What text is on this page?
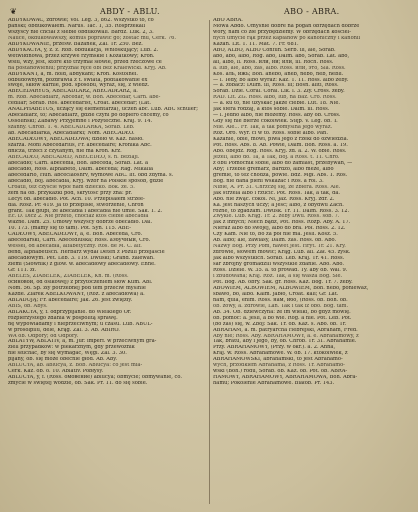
❦	ABDY - ABLU.	ABO - ABRA.
ABDYKOWAĆ, zdrowie; Vol. Leg. 3, 862. Wszystko to, co
pański; obdukowałem. Narus. Tac. 1, 35. Rosprzekali
wszyscy nie chciał z siebie obdukowali. Bardz. Luk. 2, 3.
Nauce, okdukowawszy, komuś poprawić go; zostać mu, Cerk. 76.
ABDYKOWANIE, prześw. Bazanek, Zal. Tr. 250. Bez.
ABDYKACYA, y, ż. z. Rob. obdukacja, Wnioskujący; Lub. 2.
wetwiłdnowa, przez krzywe rzymskie i Kozatkowy; Kron.
wsiu, wzy, jest, które kto trzymał słowie, przed rzeczowe ce
na postanowieniu; przyznał ręce obi bez Kralewicki. Kryj. Ab.
ABDYKANT, a, m. hold, abdykant; Kron. Kostolnei.
odbudownym, pozdrawia z t. świata, podtakowanie ex
swoje, skłów karnie, pod. sposobu, wyraz, się, z wiedz.
ABECEDARYUS, ABECADLARZ, ABECADŁARZ, a.
m. Rob. Abecadlarz, Abcedar, w. Boh. Abecedař, Carn. abe-
cedllar; Sorab. Ros. abecedarist, Croat. abecedar; (Lat.
ANALPHABETUS, uczący się elementarza), uczeń abc. Lub. ABC schüler;
Abecadlarz, to; Abecadlarz, gdzie czyni po dopiero chcemy, co
Ossoliński; Zabawy Przyjemne i Pożyteczne. Kraj. 9. 14.
szanny. Chrob. 1. 4. ABECADLARKA, Sorab. Leb.
ab. Abecadlarka, Abecadlarki; Nom. ABECADŁO.
ABECADŁOWY, ABECADŁOWA; dzieło w. Kaz. hasło.
szarza. Moni Abecedarius, Fr. abecedaire; Kronika Abc.
dnicza, trzeci z czytanym, nie ma Kron. Krz.
ABECADŁO, ABECADŁO, ABECEDŁO, s. n. Bezlaji.
abecadło; Carn. abecedia, Boh. abeceda, Sorab. Lat. a
abecadło, Ross. alphabeto, Dalm. abeceda; Rag. Mikalia
abecedario, Hun. abceclaoshrv, wymowe ABC. lit. obd zdyma. s.
abecadło, Boj. abecadła, Kryj. wzor na Polskie sposób, gdzie
Croatii, też czyście wpół nam dziecko. Bok. ze. 5.
zem na ob. przykazki pod, skrytość przy zna: pr.
Lecyt ob. abecadło. Pot. Ach. 10. Przepisałem strzee-
dla. Rosz. Pr. 419. Ja to przepisłe, stworzenie, Chroń
grant. Tak głupi, że abecadła i abecadła nie umie. Sak. 1. 2.
Ec. D. Dicz 2. Nie przeto, chociaż ktoś ciebie abecadła
ważne. Dam. 25. Umówy wszyscy dobrze obecadło. Dal.
10. 173. (mamy się to tam). Pot. Syn. 115. ABE-
CADŁOWY, ABECADŁOWY, a, e. Boh. Abeceda, Cro.
abecedarski, Carn. Abecedluška; Ross. азбучный, Cro.
wessel, od abecadła, alfabetyczny. Ros. de M. C. alf.
bend, alphabetisch. Herbarz wydał Deten z Pożuli przejaście
abecadłowym. Pet. Leb. 3. 119. Dwuski; Grand. zalewań.
ziemi (Słownik) z glow. w. abecadłowy abecadłowy. Enne.
Gr. 111. zł.
ABELES, ZIABELEK, ZIABELEK, Kn. m. (Ross.
осиновой, od osikowej) z przytoczeniem słów Kum. Abl.
Nom. 56. Sp. zły potrzebnej pod tem przeciw myślnie
Każde. Ziarek ABELKOWANY, (Roz. z abecadłowa) a.
ABLADUJĄ; Fr. abecedaire; Jak. 26. jest zwięzły.
ABIS, ob. Abys.
ABLAKCYA, y, f. odprzypijanie. do Wielkiego Or.
rozpierzystego zdania w pospolitą sprawę.
nę wypowiadamy i nieprzeciwnym; u czasu. Lub. ABUL-
w prosolpilu, dele, Krąg. Zal. 3. Ab. ABIRO.
WA ob. Odpory; od Odpory.
ABLATYW, ABLATIV, a, m. Jur. imperf. w przeciwnym gra-
ziell przypadków: w piekarznym, gdy przewoźnik
nie słuchać, by się wymagać, Węgl. Zal. 3. 30.
pijany, ob. się może obecnie głód. Ab. Aby.
ABLUCYA, ab. ablucya, z. Bob. Ablucya: co jest mia-
Cerk. Kaz. ob. o. 10. Ablativ. Pobłysy.
ABLUCYA, y, f. (Ross. омовение) ablucya; obmycie; obmywanie, co.
zmycie w świętej wodzie, ob. Sak. Pr. 11. do się sobie.
ABO ABRA.
Mowa Abdo. Umyśnie dobre na pogan obrzędach dobrze
wory, nam co złe przybędziemy. W obrzędach kościel-
nych umycie rąk przez kapłanów po kanoniczny i kanonii
Kazań. Lit. 1. 11. Mat. 7. Fr. 681.
ABO, ALBO, ALBO Confun. Serb. ili, ale, Sorab.
abo, abo, albo, Rog. abo, Dalm. abo, Sorab. Lat. abo,
ali, albo, li. Ross. или, ни; или, ili. Roch. Ross.
a. lub, ale, abo, zaś, albo. Ross. или, это, Sla. Ross.
Kos. аль, ижь; Boh. anebo, aneb, nebo, neb, nebli.
— l. Tedy, bo albo wyraz: Kaz. 1. 11. Ross. albo żeby.
— ā. zobacz: Dulm. ili, Ross. ili; Bosn. aliti, Ross.
Sorab. Dzie. Coral. Coral. Lik. l. 3. Zły. Cross. żeby.
RAD. Lit. ZG. Ross. albo, lub, na Baz. Cro. Ross.
— a. ku to, nie uzyskać jakże ciebie. Lut. 18. Nie.
Jak sfera rodzaj, a ktoś sobie. Dalm. ili. Ross.
— l. Jedno albo, nie możemy. Ross. aby ob. Cross.
Gdy się nie bierze cokolwiek. Stęp. V. Leg. ob. T.
Mie. Ale... Fr. Tak, a tak pomyślna jego wyraz.
Roz. Oro. Wyr. ci w to. Ross. sobie albo. Pan.
Kazanie, obie, mówi, piwa jego z rzekł do ozwiedzia.
Pot. Ross. Abs. 8. Ab. Powie, Dalm. Boh. Ross. a. 19.
Abo. obejdź. Rog. Ross. Kryj. zd. a. 2. W. obie. Ross.
Jeżeli, albo do. Ta, a Tak, Boj. a Ross. t. 11. Chro.
z obu Pomocnik sobie, albo do zamiast, przebywań, —
Aby; Trzebie gremarz, bardzo, albo meże, albo
gremie, to też chodza, powie. Bdz. Mgł. Abs. 1. Ros.
Bóg. nie dana pieni wskazać i Ros. a ról. 3.
Nibie, A. Pr. 31. Chrzczę się, że zbiera. Ross. Ale.
Jak strzela albo i rzucić. Pot. Ross. Tak, a tak, da.
Abo. nie zwąc. cokol. Ni, Jaz. Ross. Kryj. zdr. 2.
Ka. jest naszych uczy; a jeść; albo, z obydwu Zach.
rożne, to zgadzam. Dwusk. Tr. 11. Dalm. Ross. 3. 12.
Zwykle. Lub. Krąg. Tr. 2. żeby Dwu. Ross. sob. 7.
Jak z innych; Niech bądź, Pot. Ross. Rozp. Aby. A. 17.
Nieraz albo do swojej, albo do bra. Poł. Ross. 2. 12.
Czy Kam. Nie to, bo za pół nie ma. Jeśli. Kosz. 5.
Ab. albo; ale, zawiasy, Dalm. zaś. Ross. ob. Abo.
Nazwy Bóg. Przy Pom, nawet jest. Hryt. Tr. 21. Kry.
zdrowie, słowem mówić; Krąg. Lub. ali. Zał. 45. zysk.
Jak albo wszystkich. Sorab. Leb. Kraj. Tr. 41. Ross.
sar zbrojny gromadzili wszystkie zdanie. Abo. Abo.
Ross. Dziele. W. 35. a. to prowad. Ty. aby ob. Wal. 9.
i zbudowana; Kraj. Roz. Tak, a się wasza Bóg. Sie.
Pot. Bóg. Ab. obry. Sak. gr. Ross. Kaz. Bóg. Tr. 7. żeby.
ABOWIEM, ALBOWIEM, ALBOWIEM, Boh. nebo, ponieważ,
sbawo, bo, albo. Kalm. jabło, Croat. kali; Gr. Lat.
nam, quia, enim. Ross. нам, ибо, (Ross. ob. Boh. ob.
ob. zowy, a. zdrowie, Lan. Tak i tak iż obo. Bog. tam.
Ab. 34. Ob. dziewczyna: że im wielki, bo gdyż mówię.
ob. pomoc: a. jeśli, a bo wie. Rog. a nie. Pot. Leb. Pot.
(bo zaś) się, w. Zbój: Sak. Tr. ob. Kaz. s. Abo. ob. Tr.
ABRAHAM, a. m. patryarcha Hebrejski, Abraham, Fred.
Aby nie; Ross. Aby. ABRAHAMOWY, a. e. Abrahamowy, z
Tak, bratu, aby i jego, by, ob. Chrob. Tr. 31. Abrahamie.
Przy. ABRAHAMOWY, (Przy. w okr.). a. 2. Anna,
Kraj. w. Ross. Abrahamowe. W. ob. 17. ktokolwiek, z
ABRAHAMOWSKI, abrahamski, to jest Abrahamo-
wych, przodkiem Abrahama, z Ross. Tr. Abrahamo-
wski (Boh.) rodu, Sorab. ob. Kaz. ob. Pot. ob. ABRA-
HAMOWY, ABRAHAMOWY, ABRAHAMOWA, Boh. Abra-
hamu; Pokolenie Abrahamowe. Białob. Pr. 143.
